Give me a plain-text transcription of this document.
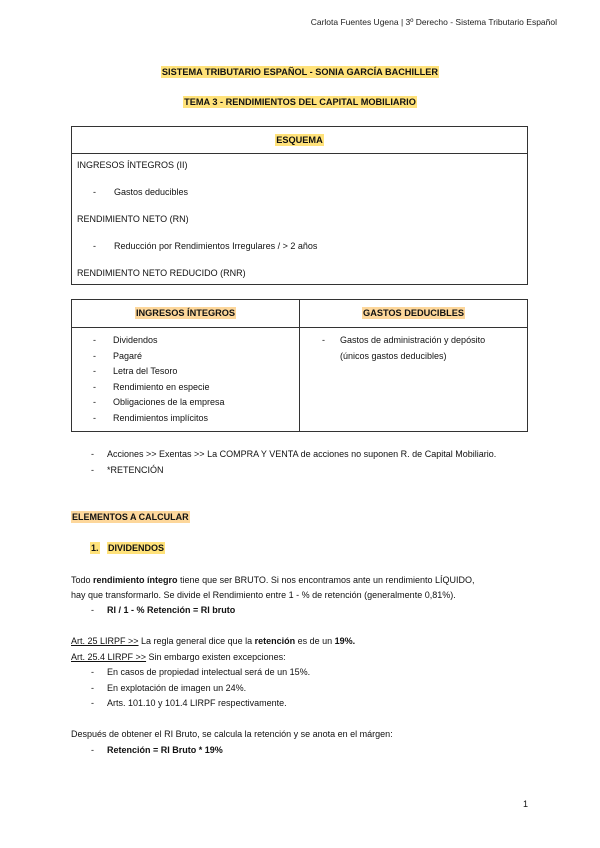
Carlota Fuentes Ugena | 3º Derecho - Sistema Tributario Español
SISTEMA TRIBUTARIO ESPAÑOL - SONIA GARCÍA BACHILLER
TEMA 3 - RENDIMIENTOS DEL CAPITAL MOBILIARIO
ESQUEMA
INGRESOS ÍNTEGROS (II)
- Gastos deducibles
RENDIMIENTO NETO (RN)
- Reducción por Rendimientos Irregulares / > 2 años
RENDIMIENTO NETO REDUCIDO (RNR)
INGRESOS ÍNTEGROS	GASTOS DEDUCIBLES
- Dividendos
- Pagaré
- Letra del Tesoro
- Rendimiento en especie
- Obligaciones de la empresa
- Rendimientos implícitos
- Gastos de administración y depósito
(únicos gastos deducibles)
- Acciones >> Exentas >> La COMPRA Y VENTA de acciones no suponen R. de Capital Mobiliario.
- *RETENCIÓN
ELEMENTOS A CALCULAR
1. DIVIDENDOS
Todo rendimiento íntegro tiene que ser BRUTO. Si nos encontramos ante un rendimiento LÍQUIDO,
hay que transformarlo. Se divide el Rendimiento entre 1 - % de retención (generalmente 0,81%).
- RI / 1 - % Retención = RI bruto
Art. 25 LIRPF >> La regla general dice que la retención es de un 19%.
Art. 25.4 LIRPF >> Sin embargo existen excepciones:
- En casos de propiedad intelectual será de un 15%.
- En explotación de imagen un 24%.
- Arts. 101.10 y 101.4 LIRPF respectivamente.
Después de obtener el RI Bruto, se calcula la retención y se anota en el márgen:
- Retención = RI Bruto * 19%
1
